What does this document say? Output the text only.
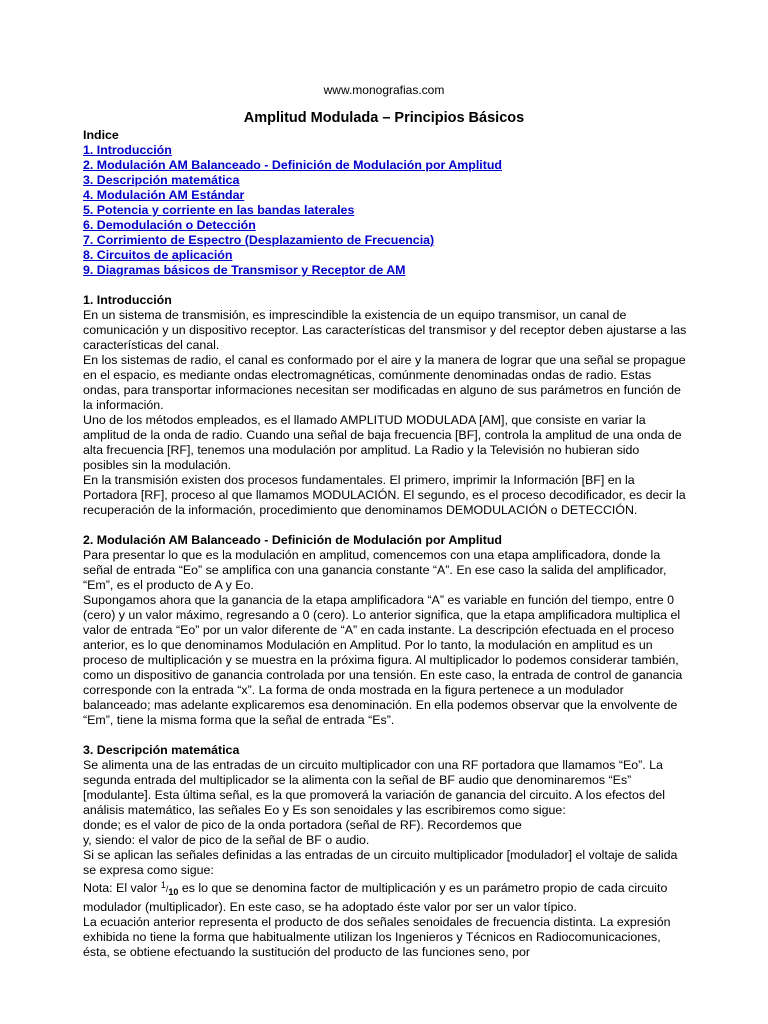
www.monografias.com
Amplitud Modulada – Principios Básicos
Indice
1. Introducción
2. Modulación AM Balanceado - Definición de Modulación por Amplitud
3. Descripción matemática
4. Modulación AM Estándar
5. Potencia y corriente en las bandas laterales
6. Demodulación o Detección
7. Corrimiento de Espectro (Desplazamiento de Frecuencia)
8. Circuitos de aplicación
9. Diagramas básicos de Transmisor y Receptor de AM
1. Introducción

En un sistema de transmisión, es imprescindible la existencia de un equipo transmisor, un canal de comunicación y un dispositivo receptor. Las características del transmisor y del receptor deben ajustarse a las características del canal.

En los sistemas de radio, el canal es conformado por el aire y la manera de lograr que una señal se propague en el espacio, es mediante ondas electromagnéticas, comúnmente denominadas ondas de radio. Estas ondas, para transportar informaciones necesitan ser modificadas en alguno de sus parámetros en función de la información.

Uno de los métodos empleados, es el llamado AMPLITUD MODULADA [AM], que consiste en variar la amplitud de la onda de radio. Cuando una señal de baja frecuencia [BF], controla la amplitud de una onda de alta frecuencia [RF], tenemos una modulación por amplitud. La Radio y la Televisión no hubieran sido posibles sin la modulación.

En la transmisión existen dos procesos fundamentales. El primero, imprimir la Información [BF] en la Portadora [RF], proceso al que llamamos MODULACIÓN. El segundo, es el proceso decodificador, es decir la recuperación de la información, procedimiento que denominamos DEMODULACIÓN o DETECCIÓN.

2. Modulación AM Balanceado - Definición de Modulación por Amplitud

Para presentar lo que es la modulación en amplitud, comencemos con una etapa amplificadora, donde la señal de entrada “Eo” se amplifica con una ganancia constante “A”. En ese caso la salida del amplificador, “Em”, es el producto de A y Eo.

Supongamos ahora que la ganancia de la etapa amplificadora “A” es variable en función del tiempo, entre 0 (cero) y un valor máximo, regresando a 0 (cero). Lo anterior significa, que la etapa amplificadora multiplica el valor de entrada “Eo” por un valor diferente de “A” en cada instante. La descripción efectuada en el proceso anterior, es lo que denominamos Modulación en Amplitud. Por lo tanto, la modulación en amplitud es un proceso de multiplicación y se muestra en la próxima figura. Al multiplicador lo podemos considerar también, como un dispositivo de ganancia controlada por una tensión. En este caso, la entrada de control de ganancia corresponde con la entrada “x”. La forma de onda mostrada en la figura pertenece a un modulador balanceado; mas adelante explicaremos esa denominación. En ella podemos observar que la envolvente de “Em”, tiene la misma forma que la señal de entrada “Es”.

3. Descripción matemática

Se alimenta una de las entradas de un circuito multiplicador con una RF portadora que llamamos “Eo”. La segunda entrada del multiplicador se la alimenta con la señal de BF audio que denominaremos “Es” [modulante]. Esta última señal, es la que promoverá la variación de ganancia del circuito. A los efectos del análisis matemático, las señales Eo y Es son senoidales y las escribiremos como sigue:

donde; es el valor de pico de la onda portadora (señal de RF). Recordemos que

y, siendo: el valor de pico de la señal de BF o audio.

Si se aplican las señales definidas a las entradas de un circuito multiplicador [modulador] el voltaje de salida se expresa como sigue:

Nota: El valor 1/10 es lo que se denomina factor de multiplicación y es un parámetro propio de cada circuito modulador (multiplicador). En este caso, se ha adoptado éste valor por ser un valor típico.

La ecuación anterior representa el producto de dos señales senoidales de frecuencia distinta. La expresión exhibida no tiene la forma que habitualmente utilizan los Ingenieros y Técnicos en Radiocomunicaciones, ésta, se obtiene efectuando la sustitución del producto de las funciones seno, por
